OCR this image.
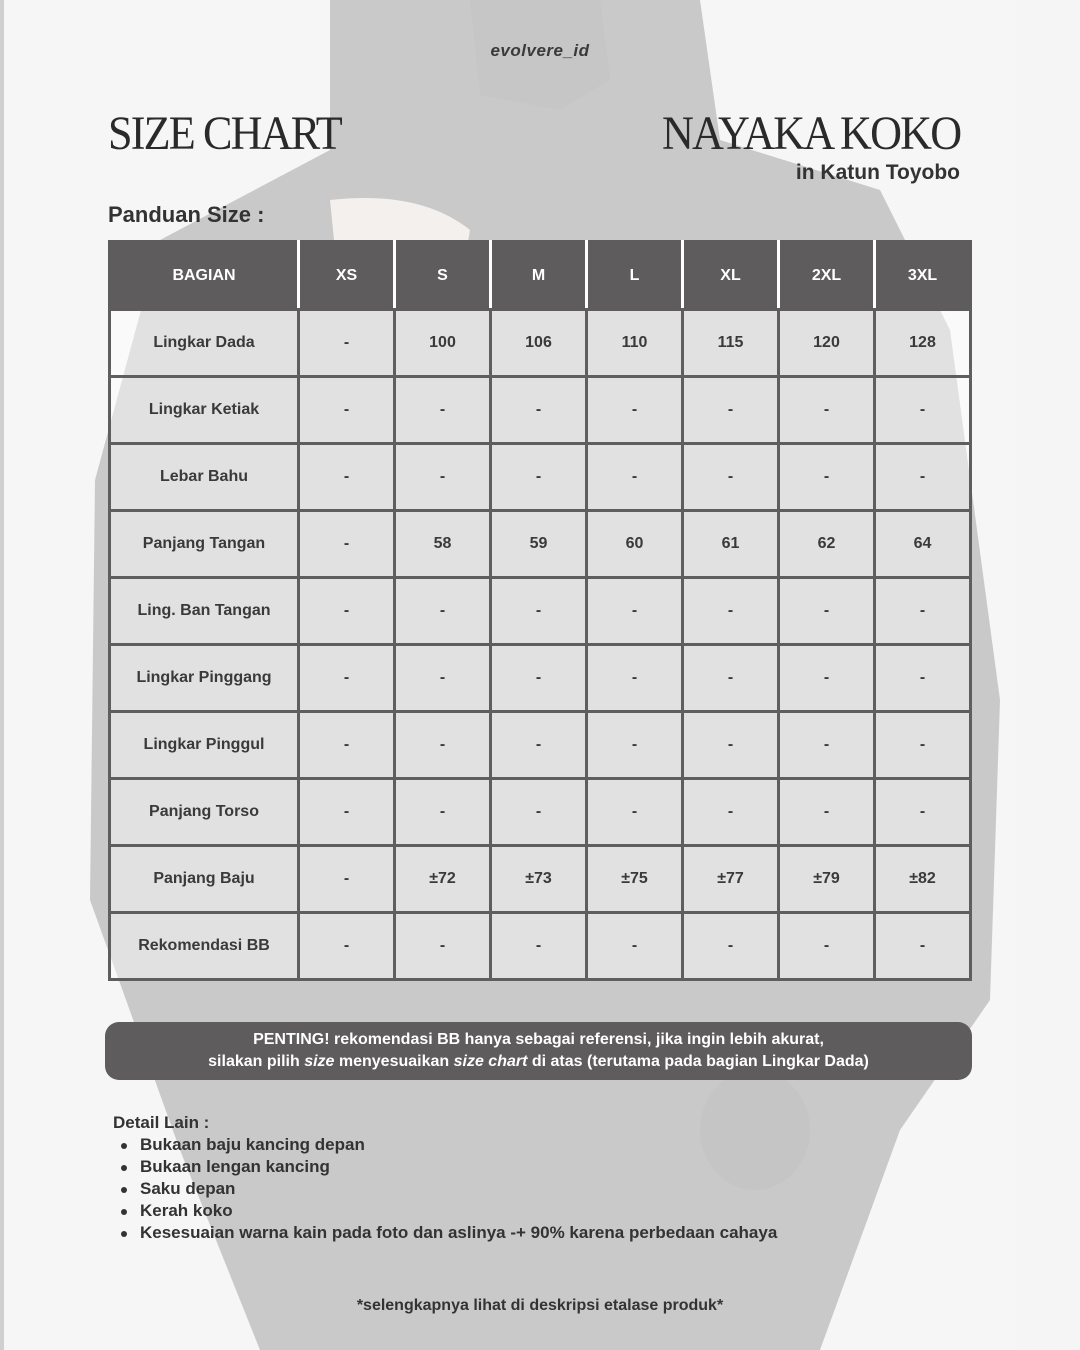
evolvere_id
SIZE CHART	NAYAKA KOKO
in Katun Toyobo
Panduan Size :
BAGIAN	XS	S	M	L	XL	2XL	3XL
Lingkar Dada	-	100	106	110	115	120	128
Lingkar Ketiak	-	-	-	-	-	-	-
Lebar Bahu	-	-	-	-	-	-	-
Panjang Tangan	-	58	59	60	61	62	64
Ling. Ban Tangan	-	-	-	-	-	-	-
Lingkar Pinggang	-	-	-	-	-	-	-
Lingkar Pinggul	-	-	-	-	-	-	-
Panjang Torso	-	-	-	-	-	-	-
Panjang Baju	-	±72	±73	±75	±77	±79	±82
Rekomendasi BB	-	-	-	-	-	-	-
PENTING! rekomendasi BB hanya sebagai referensi, jika ingin lebih akurat,
silakan pilih size menyesuaikan size chart di atas (terutama pada bagian Lingkar Dada)
Detail Lain :
Bukaan baju kancing depan
Bukaan lengan kancing
Saku depan
Kerah koko
Kesesuaian warna kain pada foto dan aslinya -+ 90% karena perbedaan cahaya
*selengkapnya lihat di deskripsi etalase produk*
